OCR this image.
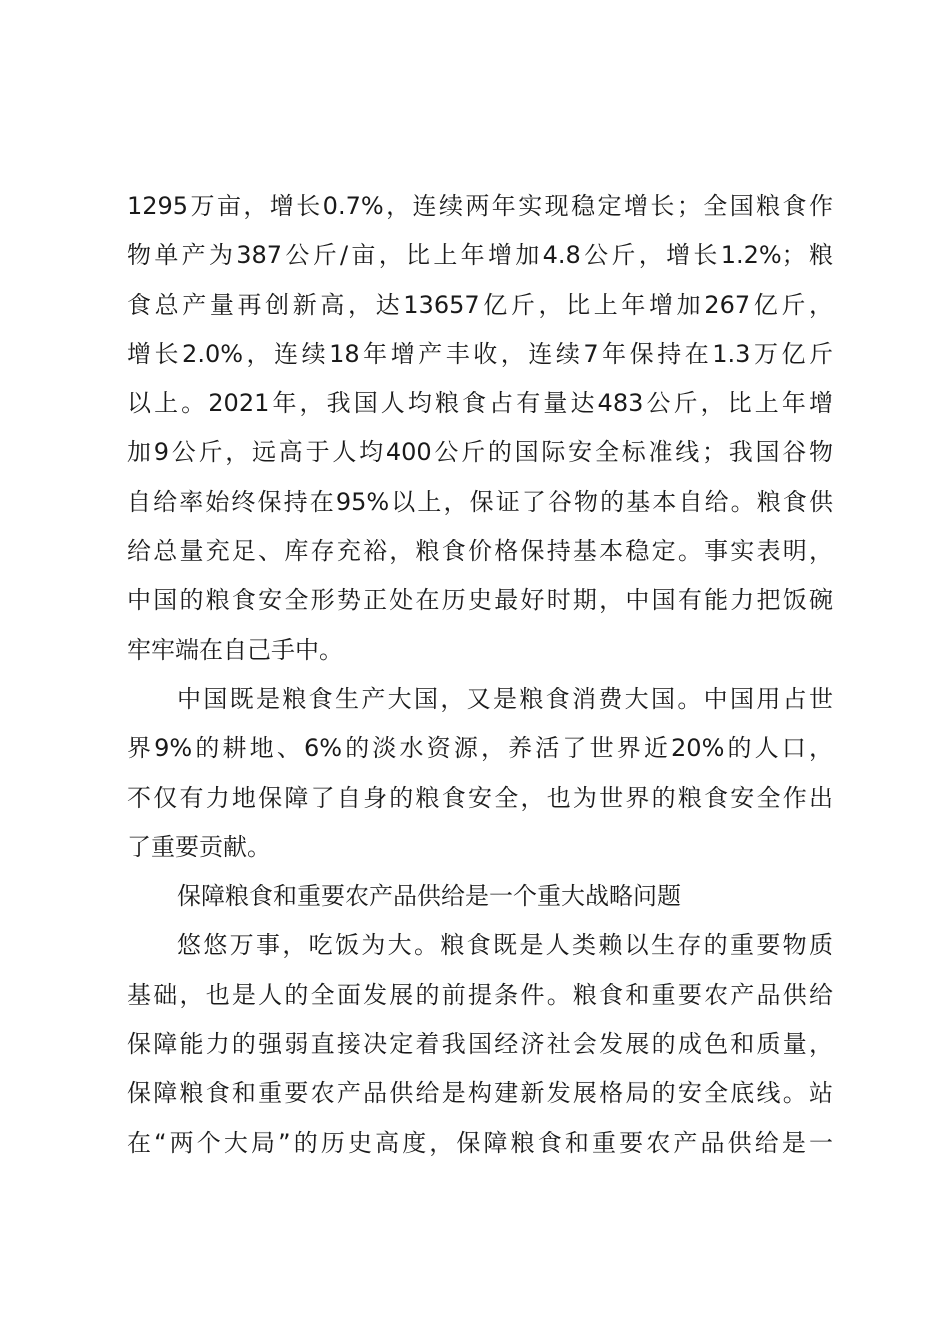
1295万亩，增长0.7%，连续两年实现稳定增长；全国粮食作
物单产为387公斤/亩，比上年增加4.8公斤，增长1.2%；粮
食总产量再创新高，达13657亿斤，比上年增加267亿斤，
增长2.0%，连续18年增产丰收，连续7年保持在1.3万亿斤
以上。2021年，我国人均粮食占有量达483公斤，比上年增
加9公斤，远高于人均400公斤的国际安全标准线；我国谷物
自给率始终保持在95%以上，保证了谷物的基本自给。粮食供
给总量充足、库存充裕，粮食价格保持基本稳定。事实表明，
中国的粮食安全形势正处在历史最好时期，中国有能力把饭碗
牢牢端在自己手中。
中国既是粮食生产大国，又是粮食消费大国。中国用占世
界9%的耕地、6%的淡水资源，养活了世界近20%的人口，
不仅有力地保障了自身的粮食安全，也为世界的粮食安全作出
了重要贡献。
保障粮食和重要农产品供给是一个重大战略问题
悠悠万事，吃饭为大。粮食既是人类赖以生存的重要物质
基础，也是人的全面发展的前提条件。粮食和重要农产品供给
保障能力的强弱直接决定着我国经济社会发展的成色和质量，
保障粮食和重要农产品供给是构建新发展格局的安全底线。站
在“两个大局”的历史高度，保障粮食和重要农产品供给是一
